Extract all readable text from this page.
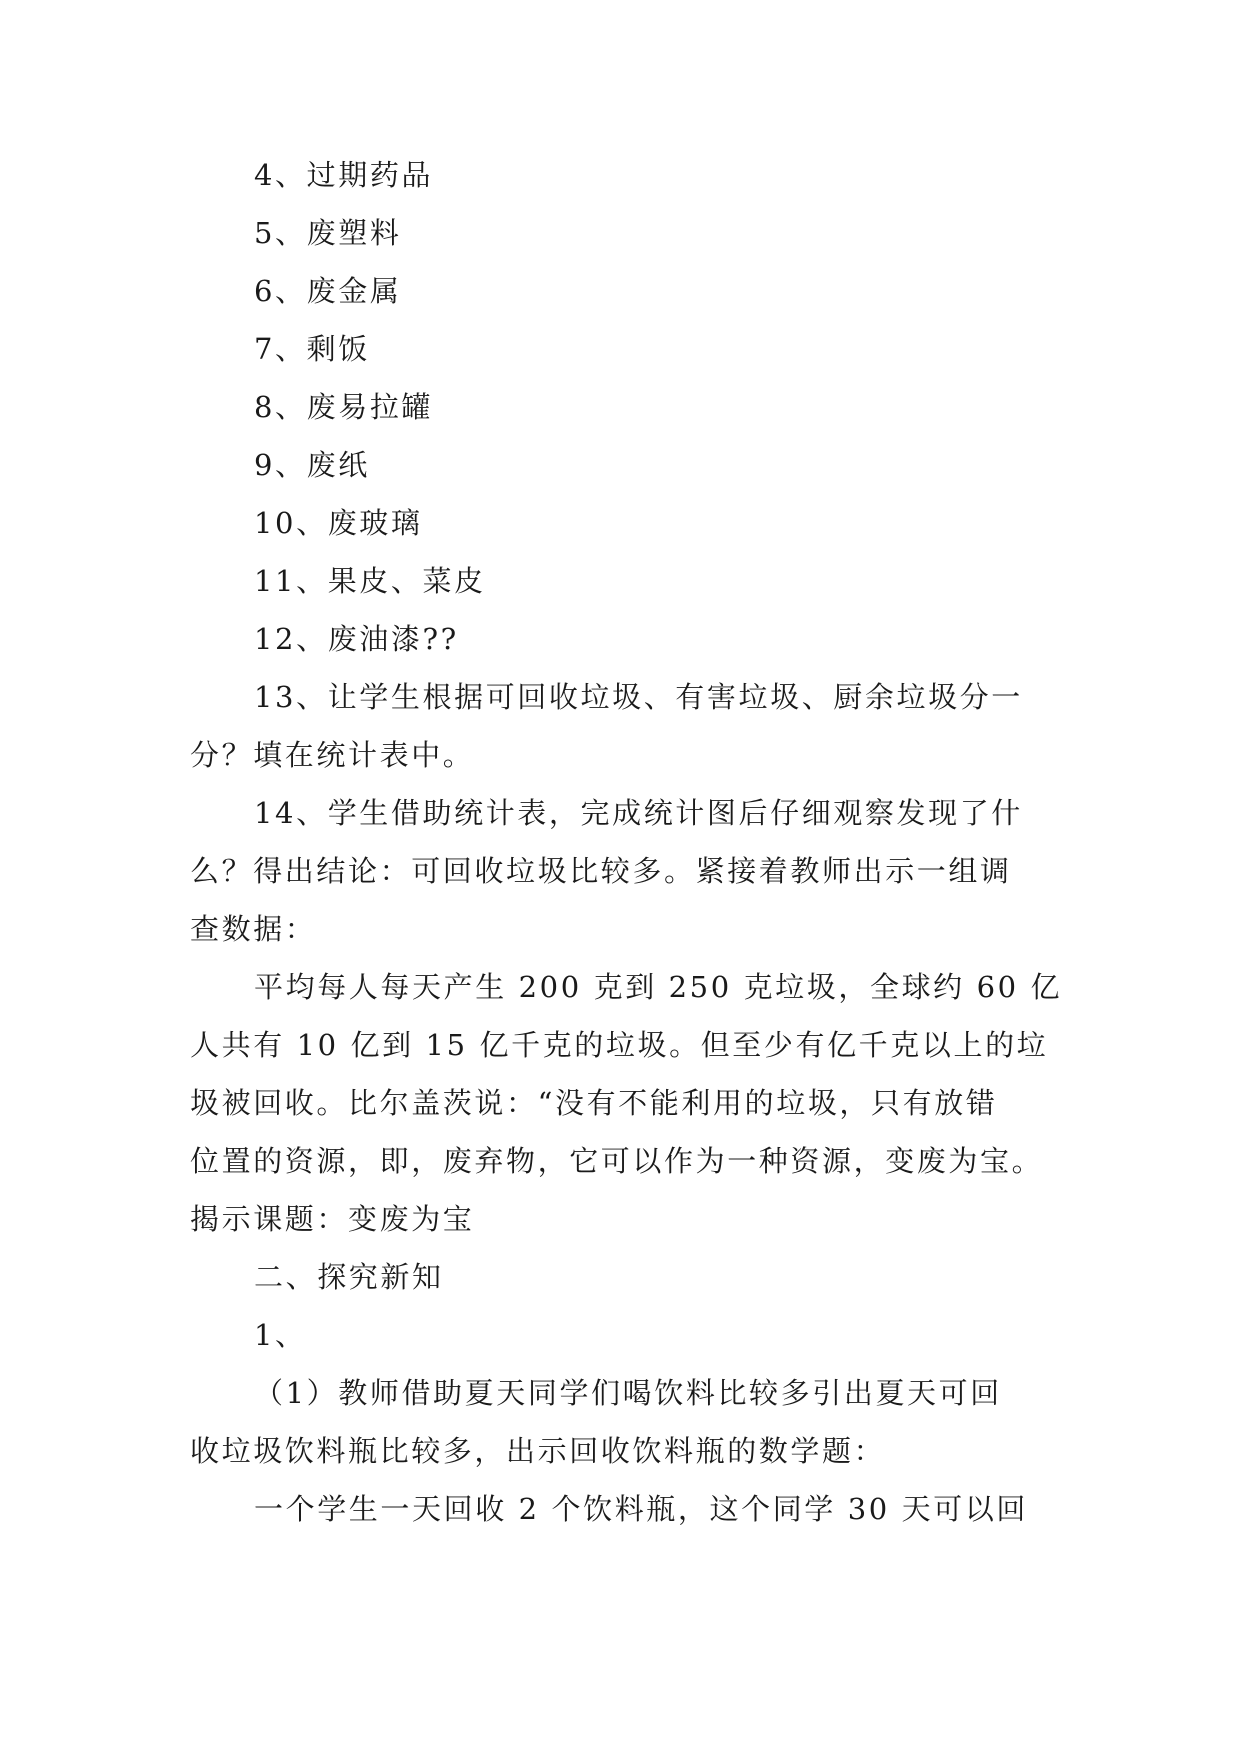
4、过期药品
5、废塑料
6、废金属
7、剩饭
8、废易拉罐
9、废纸
10、废玻璃
11、果皮、菜皮
12、废油漆??
13、让学生根据可回收垃圾、有害垃圾、厨余垃圾分一
分？填在统计表中。
14、学生借助统计表，完成统计图后仔细观察发现了什
么？得出结论：可回收垃圾比较多。紧接着教师出示一组调
查数据：
平均每人每天产生 200 克到 250 克垃圾，全球约 60 亿
人共有 10 亿到 15 亿千克的垃圾。但至少有亿千克以上的垃
圾被回收。比尔盖茨说：“没有不能利用的垃圾，只有放错
位置的资源，即，废弃物，它可以作为一种资源，变废为宝。
揭示课题：变废为宝
二、探究新知
1、
（1）教师借助夏天同学们喝饮料比较多引出夏天可回
收垃圾饮料瓶比较多，出示回收饮料瓶的数学题：
一个学生一天回收 2 个饮料瓶，这个同学 30 天可以回
